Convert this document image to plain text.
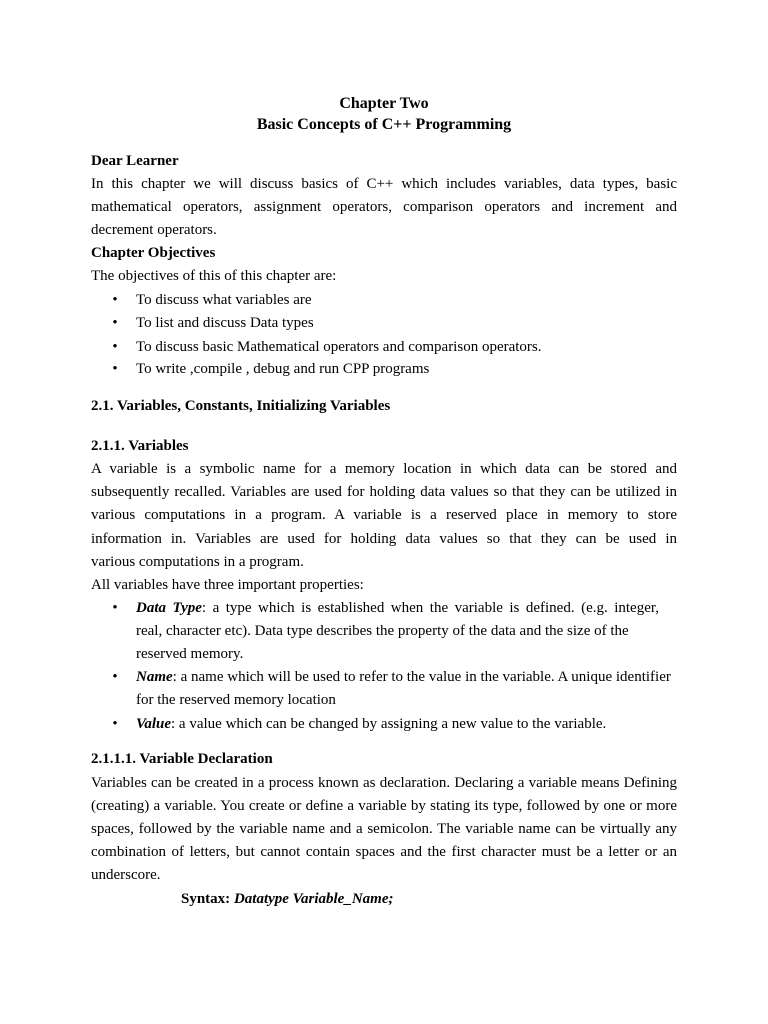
Chapter Two
Basic Concepts of C++ Programming
Dear Learner
In this chapter we will discuss basics of C++ which includes variables, data types, basic
mathematical operators, assignment operators, comparison operators and increment and
decrement operators.
Chapter Objectives
The objectives of this of this chapter are:
• To discuss what variables are
• To list and discuss Data types
• To discuss basic Mathematical operators and comparison operators.
• To write ,compile , debug and run CPP programs
2.1. Variables, Constants, Initializing Variables
2.1.1. Variables
A variable is a symbolic name for a memory location in which data can be stored and
subsequently recalled. Variables are used for holding data values so that they can be utilized in
various computations in a program. A variable is a reserved place in memory to store
information in. Variables are used for holding data values so that they can be used in
various computations in a program.
All variables have three important properties:
• Data Type: a type which is established when the variable is defined. (e.g. integer,
real, character etc). Data type describes the property of the data and the size of the
reserved memory.
• Name: a name which will be used to refer to the value in the variable. A unique identifier
for the reserved memory location
• Value: a value which can be changed by assigning a new value to the variable.
2.1.1.1. Variable Declaration
Variables can be created in a process known as declaration. Declaring a variable means Defining
(creating) a variable. You create or define a variable by stating its type, followed by one or more
spaces, followed by the variable name and a semicolon. The variable name can be virtually any
combination of letters, but cannot contain spaces and the first character must be a letter or an
underscore.
Syntax: Datatype Variable_Name;
